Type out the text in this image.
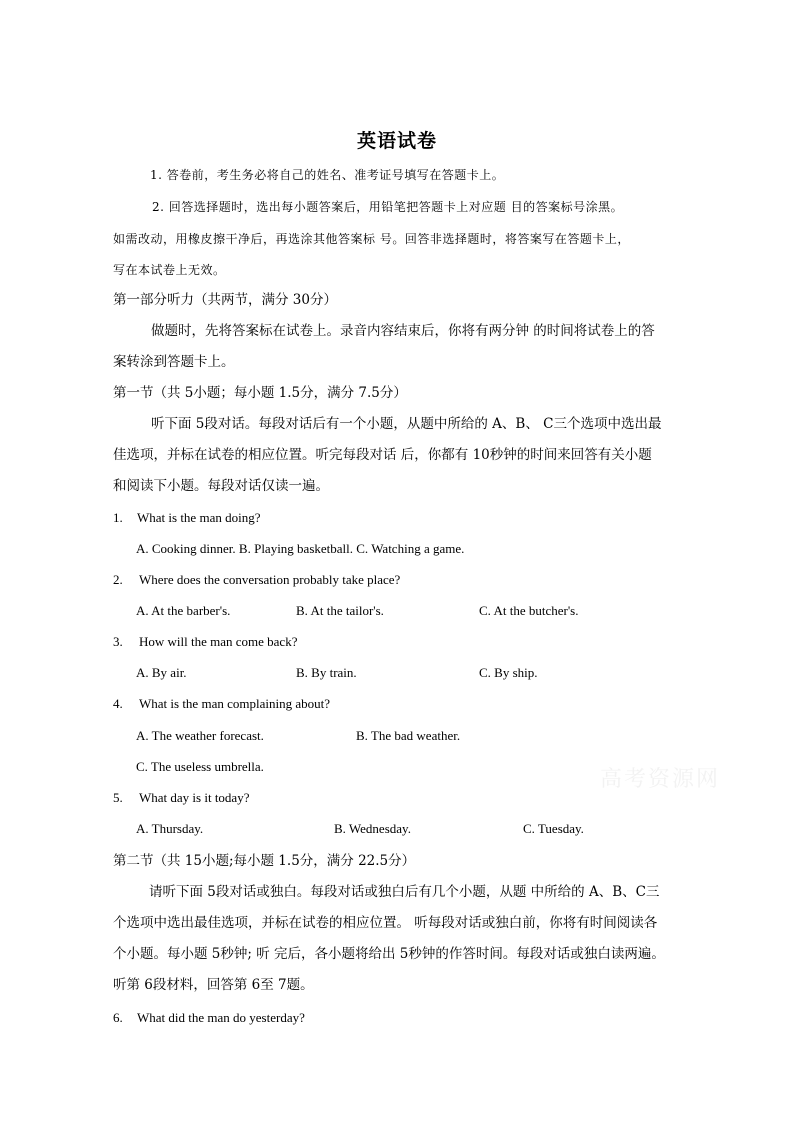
英语试卷
1. 答卷前，考生务必将自己的姓名、准考证号填写在答题卡上。
2. 回答选择题时，选出每小题答案后，用铅笔把答题卡上对应题 目的答案标号涂黑。
如需改动，用橡皮擦干净后，再选涂其他答案标 号。回答非选择题时，将答案写在答题卡上，
写在本试卷上无效。
第一部分听力（共两节，满分 30分）
做题时，先将答案标在试卷上。录音内容结束后，你将有两分钟 的时间将试卷上的答
案转涂到答题卡上。
第一节（共 5小题；每小题 1.5分，满分 7.5分）
听下面 5段对话。每段对话后有一个小题，从题中所给的 A、B、 C三个选项中选出最
佳选项，并标在试卷的相应位置。听完每段对话 后，你都有 10秒钟的时间来回答有关小题
和阅读下小题。每段对话仅读一遍。
1. What is the man doing?
A. Cooking dinner. B. Playing basketball. C. Watching a game.
2. Where does the conversation probably take place?
A. At the barber's.	B. At the tailor's.	C. At the butcher's.
3. How will the man come back?
A. By air.	B. By train.	C. By ship.
4. What is the man complaining about?
A. The weather forecast.	B. The bad weather.
C. The useless umbrella.
5. What day is it today?
A. Thursday.	B. Wednesday.	C. Tuesday.
第二节（共 15小题;每小题 1.5分，满分 22.5分）
请听下面 5段对话或独白。每段对话或独白后有几个小题，从题 中所给的 A、B、C三
个选项中选出最佳选项，并标在试卷的相应位置。 听每段对话或独白前，你将有时间阅读各
个小题。每小题 5秒钟; 听 完后，各小题将给出 5秒钟的作答时间。每段对话或独白读两遍。
听第 6段材料，回答第 6至 7题。
6. What did the man do yesterday?
高考资源网
